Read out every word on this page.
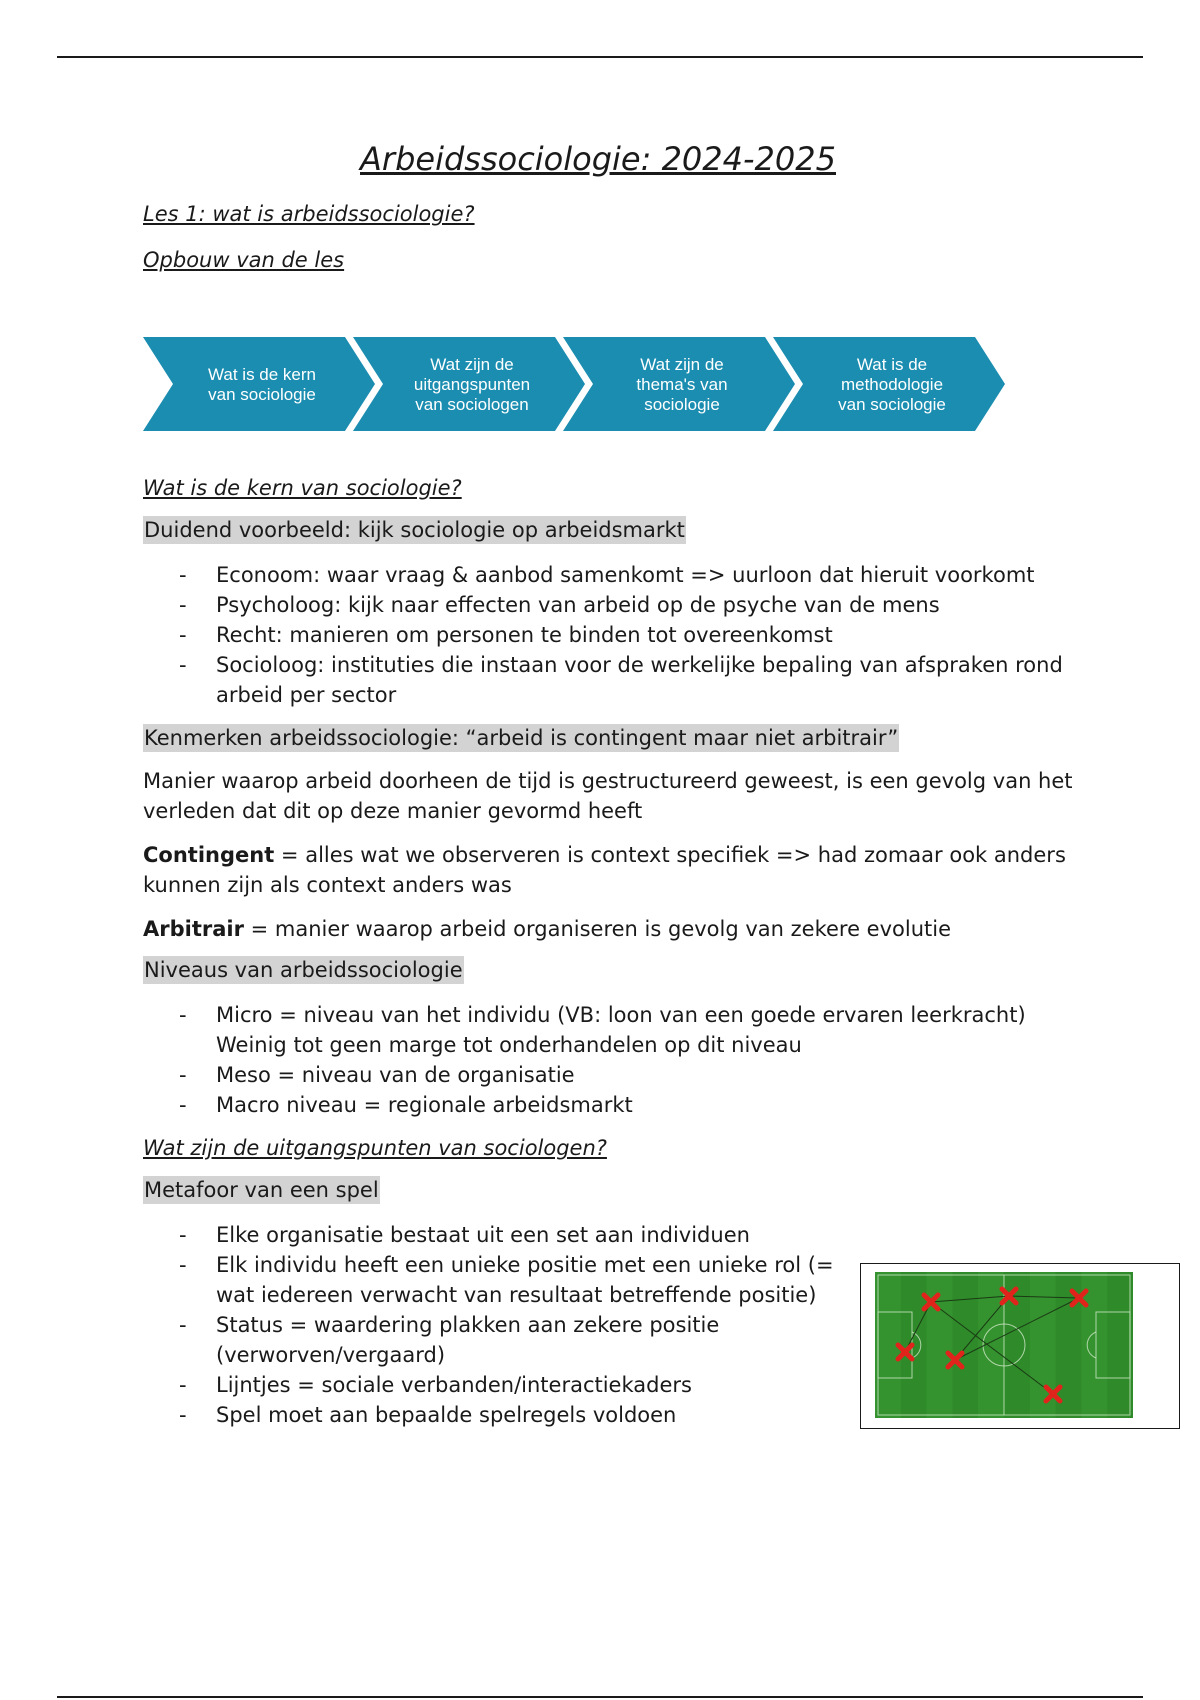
Arbeidssociologie: 2024-2025

Les 1: wat is arbeidssociologie?

Opbouw van de les

Wat is de kern
van sociologie
Wat zijn de
uitgangspunten
van sociologen
Wat zijn de
thema's van
sociologie
Wat is de
methodologie
van sociologie

Wat is de kern van sociologie?

Duidend voorbeeld: kijk sociologie op arbeidsmarkt
- Econoom: waar vraag & aanbod samenkomt => uurloon dat hieruit voorkomt
- Psycholoog: kijk naar effecten van arbeid op de psyche van de mens
- Recht: manieren om personen te binden tot overeenkomst
- Socioloog: instituties die instaan voor de werkelijke bepaling van afspraken rond arbeid per sector
Kenmerken arbeidssociologie: “arbeid is contingent maar niet arbitrair”

Manier waarop arbeid doorheen de tijd is gestructureerd geweest, is een gevolg van het verleden dat dit op deze manier gevormd heeft

Contingent = alles wat we observeren is context specifiek => had zomaar ook anders kunnen zijn als context anders was

Arbitrair = manier waarop arbeid organiseren is gevolg van zekere evolutie

Niveaus van arbeidssociologie
- Micro = niveau van het individu (VB: loon van een goede ervaren leerkracht)
Weinig tot geen marge tot onderhandelen op dit niveau
- Meso = niveau van de organisatie
- Macro niveau = regionale arbeidsmarkt

Wat zijn de uitgangspunten van sociologen?

Metafoor van een spel
- Elke organisatie bestaat uit een set aan individuen
- Elk individu heeft een unieke positie met een unieke rol (= wat iedereen verwacht van resultaat betreffende positie)
- Status = waardering plakken aan zekere positie (verworven/vergaard)
- Lijntjes = sociale verbanden/interactiekaders
- Spel moet aan bepaalde spelregels voldoen
